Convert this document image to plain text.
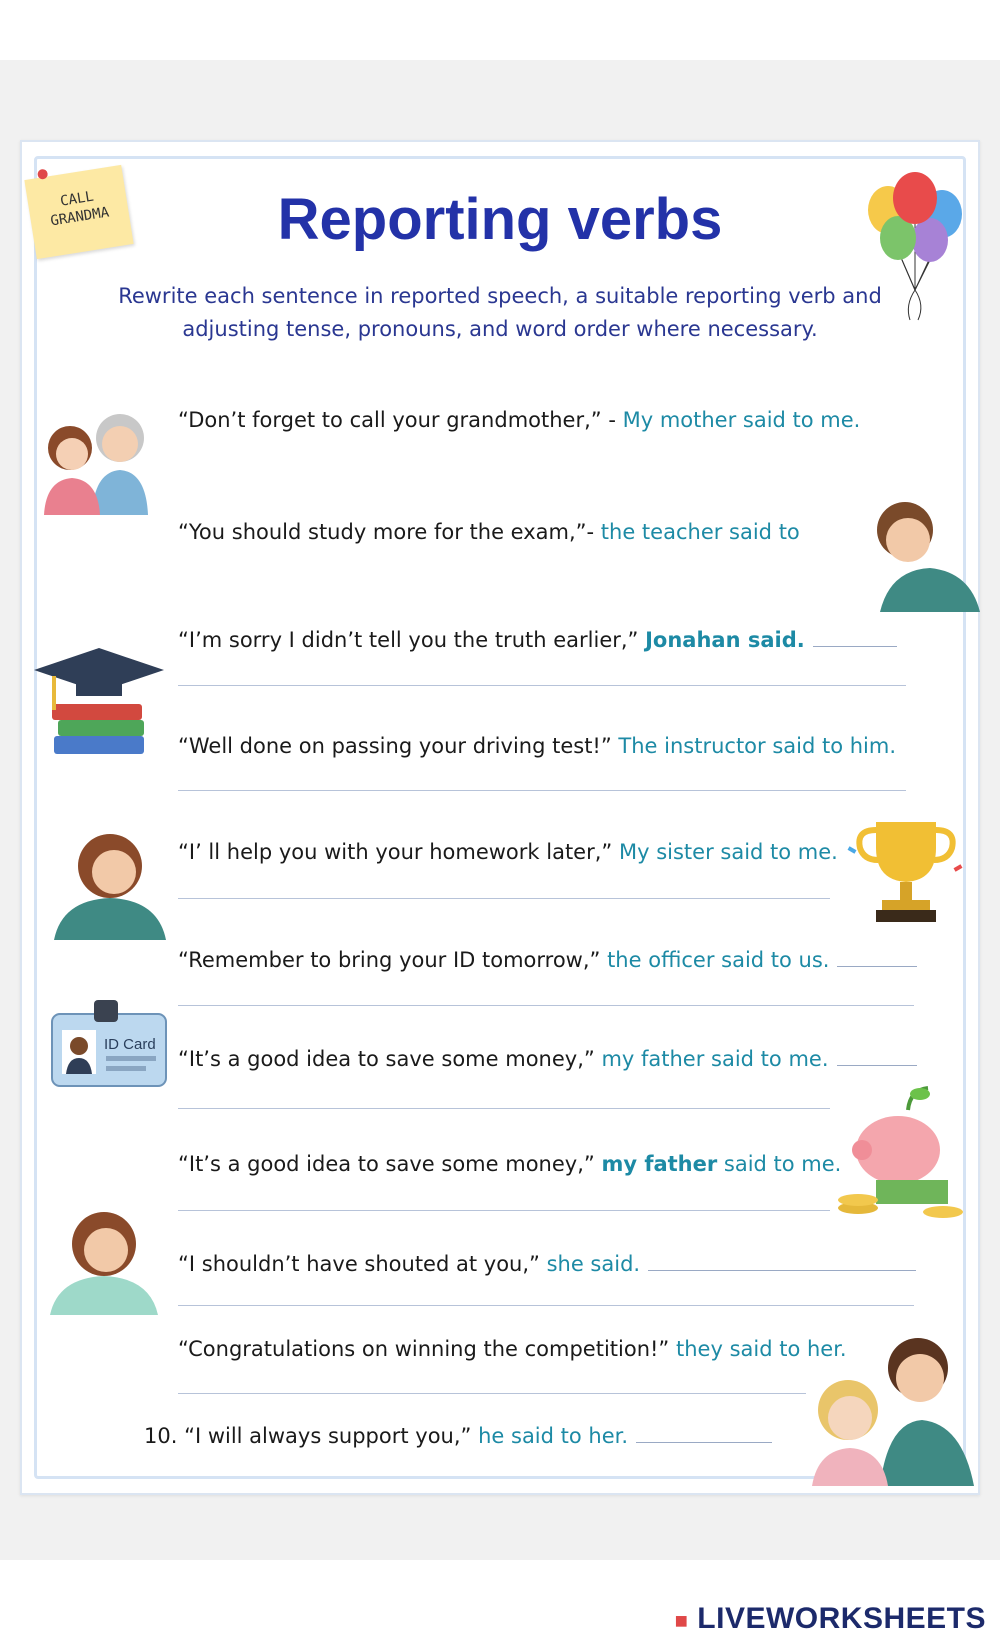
CALL
GRANDMA	Reporting verbs
Rewrite each sentence in reported speech, a suitable reporting verb and
adjusting tense, pronouns, and word order where necessary.
“Don’t forget to call your grandmother,” - My mother said to me.
“You should study more for the exam,”- the teacher said to
“I’m sorry I didn’t tell you the truth earlier,” Jonahan said.
“Well done on passing your driving test!” The instructor said to him.
“I’ ll help you with your homework later,” My sister said to me.
“Remember to bring your ID tomorrow,” the officer said to us.
“It’s a good idea to save some money,” my father said to me.
“It’s a good idea to save some money,” my father said to me.
“I shouldn’t have shouted at you,” she said.
“Congratulations on winning the competition!” they said to her.
10. “I will always support you,” he said to her.
ID Card
■ LIVEWORKSHEETS
